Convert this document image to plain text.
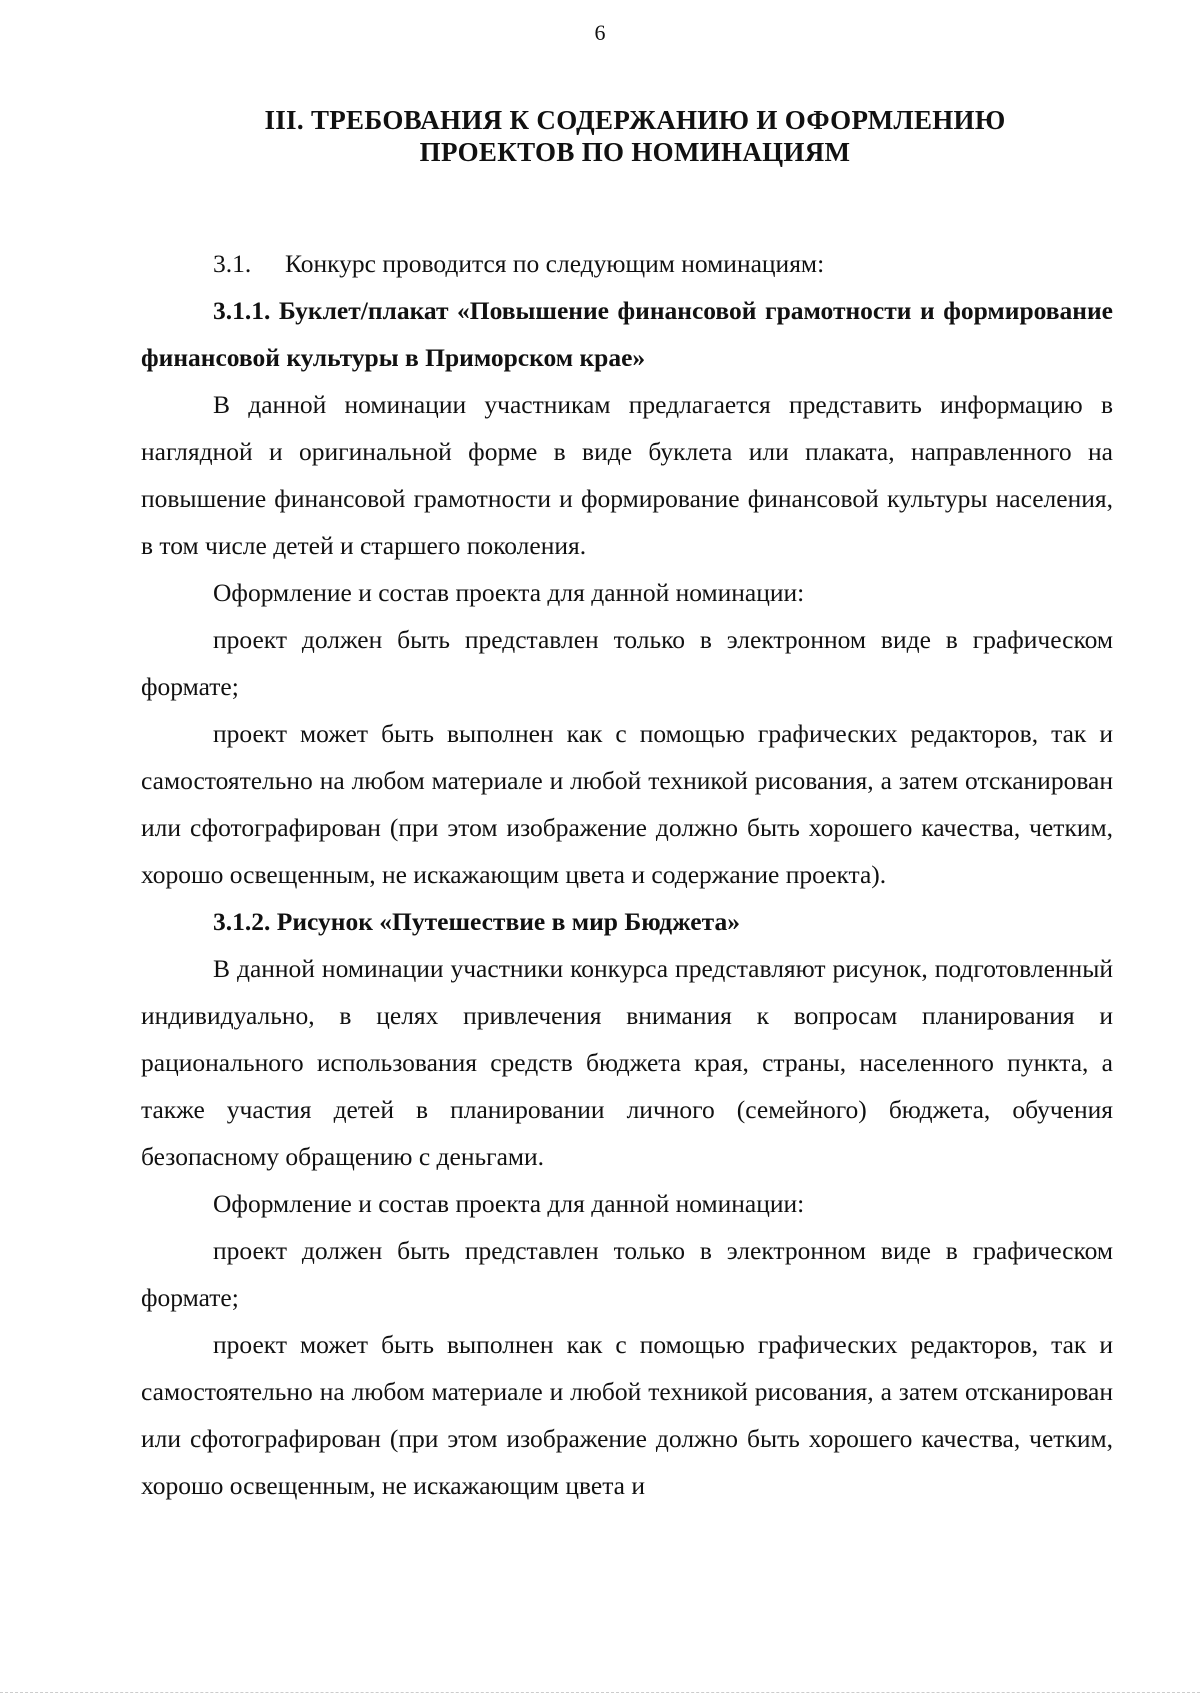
6
III. ТРЕБОВАНИЯ К СОДЕРЖАНИЮ И ОФОРМЛЕНИЮ
ПРОЕКТОВ ПО НОМИНАЦИЯМ

3.1. Конкурс проводится по следующим номинациям:

3.1.1. Буклет/плакат «Повышение финансовой грамотности и формирование финансовой культуры в Приморском крае»

В данной номинации участникам предлагается представить информацию в наглядной и оригинальной форме в виде буклета или плаката, направленного на повышение финансовой грамотности и формирование финансовой культуры населения, в том числе детей и старшего поколения.

Оформление и состав проекта для данной номинации:

проект должен быть представлен только в электронном виде в графическом формате;

проект может быть выполнен как с помощью графических редакторов, так и самостоятельно на любом материале и любой техникой рисования, а затем отсканирован или сфотографирован (при этом изображение должно быть хорошего качества, четким, хорошо освещенным, не искажающим цвета и содержание проекта).

3.1.2. Рисунок «Путешествие в мир Бюджета»

В данной номинации участники конкурса представляют рисунок, подготовленный индивидуально, в целях привлечения внимания к вопросам планирования и рационального использования средств бюджета края, страны, населенного пункта, а также участия детей в планировании личного (семейного) бюджета, обучения безопасному обращению с деньгами.

Оформление и состав проекта для данной номинации:

проект должен быть представлен только в электронном виде в графическом формате;

проект может быть выполнен как с помощью графических редакторов, так и самостоятельно на любом материале и любой техникой рисования, а затем отсканирован или сфотографирован (при этом изображение должно быть хорошего качества, четким, хорошо освещенным, не искажающим цвета и
